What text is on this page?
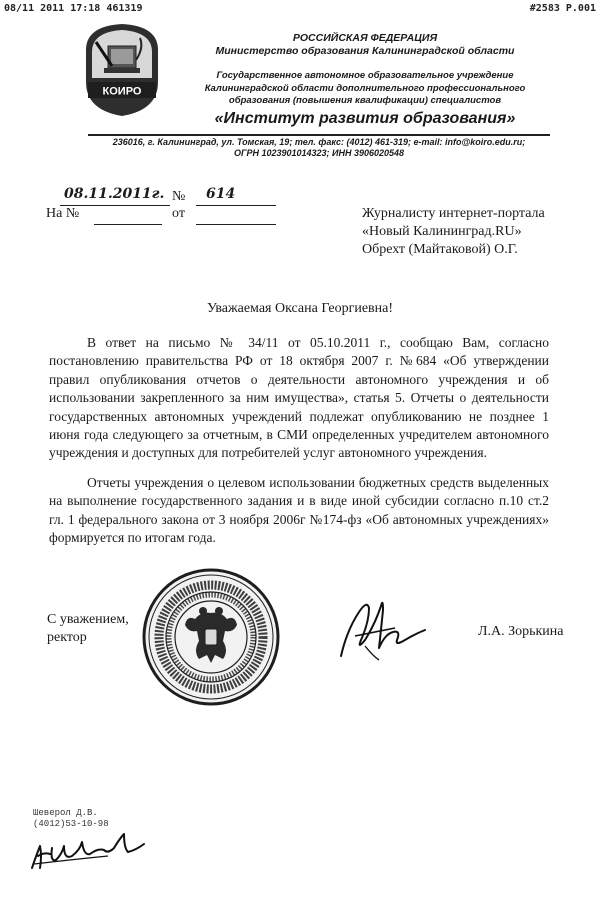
08/11 2011 17:18 461319	#2583 P.001
КОИРО
РОССИЙСКАЯ ФЕДЕРАЦИЯ
Министерство образования Калининградской области
Государственное автономное образовательное учреждение
Калининградской области дополнительного профессионального
образования (повышения квалификации) специалистов
«Институт развития образования»
236016, г. Калининград, ул. Томская, 19; тел. факс: (4012) 461-319; e-mail: info@koiro.edu.ru;
ОГРН 1023901014323; ИНН 3906020548
08.11.2011г. № 614
На №	от	Журналисту интернет-портала
«Новый Калининград.RU»
Обрехт (Майтаковой) О.Г.
Уважаемая Оксана Георгиевна!

В ответ на письмо № 34/11 от 05.10.2011 г., сообщаю Вам, согласно постановлению правительства РФ от 18 октября 2007 г. №684 «Об утверждении правил опубликования отчетов о деятельности автономного учреждения и об использовании закрепленного за ним имущества», статья 5. Отчеты о деятельности государственных автономных учреждений подлежат опубликованию не позднее 1 июня года следующего за отчетным, в СМИ определенных учредителем автономного учреждения и доступных для потребителей услуг автономного учреждения.

Отчеты учреждения о целевом использовании бюджетных средств выделенных на выполнение государственного задания и в виде иной субсидии согласно п.10 ст.2 гл. 1 федерального закона от 3 ноября 2006г №174-фз «Об автономных учреждениях» формируется по итогам года.

С уважением,
ректор	Л.А. Зорькина
Шеверол Д.В.
(4012)53-10-98
